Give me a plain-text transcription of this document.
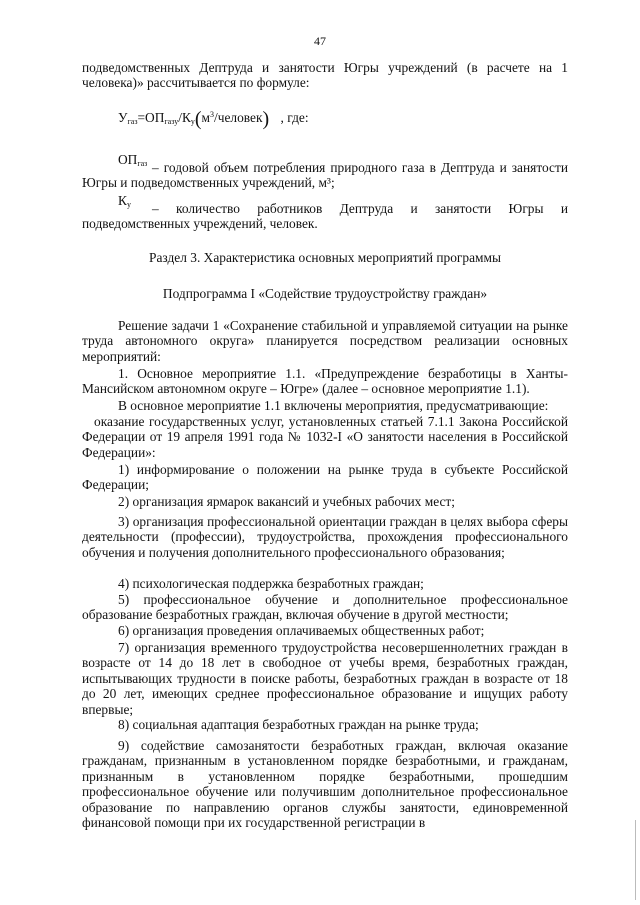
47
подведомственных Дептруда и занятости Югры учреждений (в расчете на 1 человека)» рассчитывается по формуле:
$У_{газ}=ОП_{газу}/К_у(м^3/человек)$ , где:
$ОП_{газ}$ – годовой объем потребления природного газа в Дептруда и занятости Югры и подведомственных учреждений, м³;
$К_у$	– количество работников Дептруда и занятости Югры и подведомственных учреждений, человек.
Раздел 3. Характеристика основных мероприятий программы
Подпрограмма I «Содействие трудоустройству граждан»
Решение задачи 1 «Сохранение стабильной и управляемой ситуации на рынке труда автономного округа» планируется посредством реализации основных мероприятий:
1. Основное мероприятие 1.1. «Предупреждение безработицы в Ханты-Мансийском автономном округе – Югре» (далее – основное мероприятие 1.1).
В основное мероприятие 1.1 включены мероприятия, предусматривающие:
оказание государственных услуг, установленных статьей 7.1.1 Закона Российской Федерации от 19 апреля 1991 года № 1032-I «О занятости населения в Российской Федерации»:
1) информирование о положении на рынке труда в субъекте Российской Федерации;
2) организация ярмарок вакансий и учебных рабочих мест;
3) организация профессиональной ориентации граждан в целях выбора сферы деятельности (профессии), трудоустройства, прохождения профессионального обучения и получения дополнительного профессионального образования;
4) психологическая поддержка безработных граждан;
5) профессиональное обучение и дополнительное профессиональное образование безработных граждан, включая обучение в другой местности;
6) организация проведения оплачиваемых общественных работ;
7) организация временного трудоустройства несовершеннолетних граждан в возрасте от 14 до 18 лет в свободное от учебы время, безработных граждан, испытывающих трудности в поиске работы, безработных граждан в возрасте от 18 до 20 лет, имеющих среднее профессиональное образование и ищущих работу впервые;
8) социальная адаптация безработных граждан на рынке труда;
9) содействие самозанятости безработных граждан, включая оказание гражданам, признанным в установленном порядке безработными, и гражданам, признанным в установленном порядке безработными, прошедшим профессиональное обучение или получившим дополнительное профессиональное образование по направлению органов службы занятости, единовременной финансовой помощи при их государственной регистрации в
